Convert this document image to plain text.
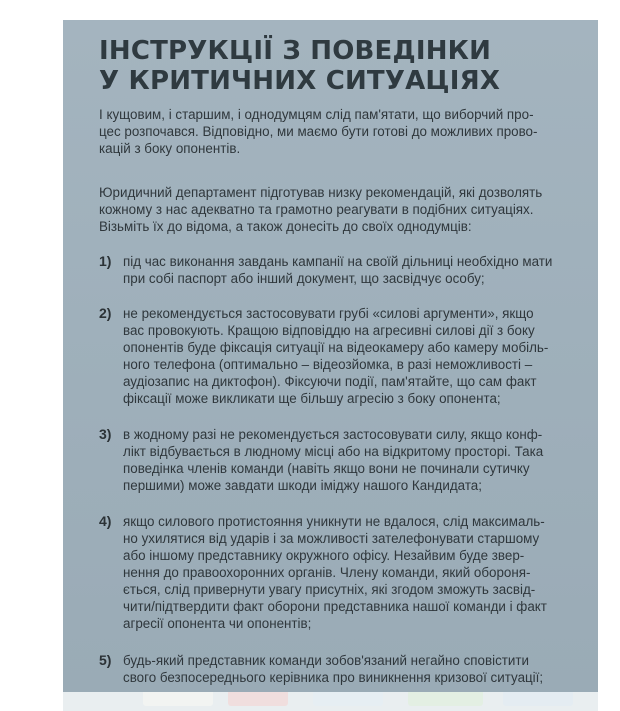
ІНСТРУКЦІЇ З ПОВЕДІНКИ
У КРИТИЧНИХ СИТУАЦІЯХ

І кущовим, і старшим, і однодумцям слід пам'ятати, що виборчий про-
цес розпочався. Відповідно, ми маємо бути готові до можливих прово-
кацій з боку опонентів.

Юридичний департамент підготував низку рекомендацій, які дозволять
кожному з нас адекватно та грамотно реагувати в подібних ситуаціях.
Візьміть їх до відома, а також донесіть до своїх однодумців:

1) під час виконання завдань кампанії на своїй дільниці необхідно мати
при собі паспорт або інший документ, що засвідчує особу;
2) не рекомендується застосовувати грубі «силові аргументи», якщо
вас провокують. Кращою відповіддю на агресивні силові дії з боку
опонентів буде фіксація ситуації на відеокамеру або камеру мобіль-
ного телефона (оптимально – відеозйомка, в разі неможливості –
аудіозапис на диктофон). Фіксуючи події, пам'ятайте, що сам факт
фіксації може викликати ще більшу агресію з боку опонента;
3) в жодному разі не рекомендується застосовувати силу, якщо конф-
лікт відбувається в людному місці або на відкритому просторі. Така
поведінка членів команди (навіть якщо вони не починали сутичку
першими) може завдати шкоди іміджу нашого Кандидата;
4) якщо силового протистояння уникнути не вдалося, слід максималь-
но ухилятися від ударів і за можливості зателефонувати старшому
або іншому представнику окружного офісу. Незайвим буде звер-
нення до правоохоронних органів. Члену команди, який обороня-
ється, слід привернути увагу присутніх, які згодом зможуть засвід-
чити/підтвердити факт оборони представника нашої команди і факт
агресії опонента чи опонентів;
5) будь-який представник команди зобов'язаний негайно сповістити
свого безпосереднього керівника про виникнення кризової ситуації;
